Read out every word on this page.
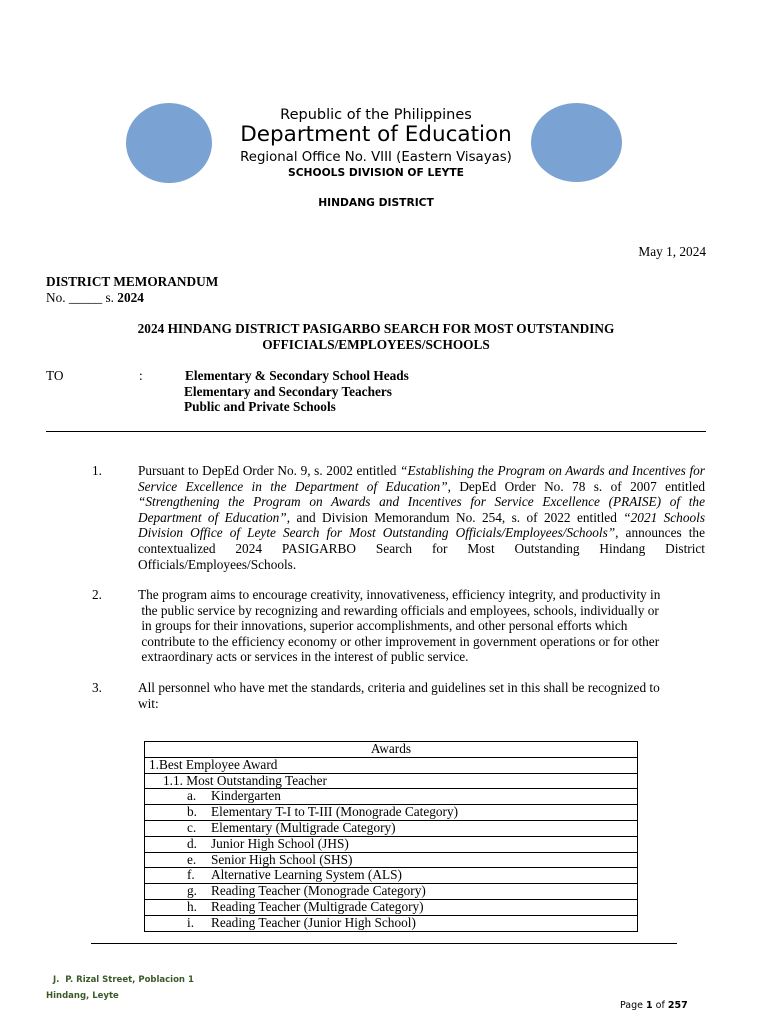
Republic of the Philippines
Department of Education
Regional Office No. VIII (Eastern Visayas)
SCHOOLS DIVISION OF LEYTE
HINDANG DISTRICT
May 1, 2024
DISTRICT MEMORANDUM
No. _____ s. 2024
2024 HINDANG DISTRICT PASIGARBO SEARCH FOR MOST OUTSTANDING
OFFICIALS/EMPLOYEES/SCHOOLS
TO	:	Elementary & Secondary School Heads
Elementary and Secondary Teachers
Public and Private Schools
1.	Pursuant to DepEd Order No. 9, s. 2002 entitled “Establishing the Program on Awards and Incentives for Service Excellence in the Department of Education”, DepEd Order No. 78 s. of 2007 entitled “Strengthening the Program on Awards and Incentives for Service Excellence (PRAISE) of the Department of Education”, and Division Memorandum No. 254, s. of 2022 entitled “2021 Schools Division Office of Leyte Search for Most Outstanding Officials/Employees/Schools”, announces the contextualized 2024 PASIGARBO Search for Most Outstanding Hindang District Officials/Employees/Schools.
2.	The program aims to encourage creativity, innovativeness, efficiency integrity, and productivity in
the public service by recognizing and rewarding officials and employees, schools, individually or
in groups for their innovations, superior accomplishments, and other personal efforts which
contribute to the efficiency economy or other improvement in government operations or for other
extraordinary acts or services in the interest of public service.
3.	All personnel who have met the standards, criteria and guidelines set in this shall be recognized to
wit:
Awards
1.Best Employee Award
1.1. Most Outstanding Teacher
a. Kindergarten
b. Elementary T-I to T-III (Monograde Category)
c. Elementary (Multigrade Category)
d. Junior High School (JHS)
e. Senior High School (SHS)
f. Alternative Learning System (ALS)
g. Reading Teacher (Monograde Category)
h. Reading Teacher (Multigrade Category)
i. Reading Teacher (Junior High School)
J.  P. Rizal Street, Poblacion 1
Hindang, Leyte
Page 1 of 257
